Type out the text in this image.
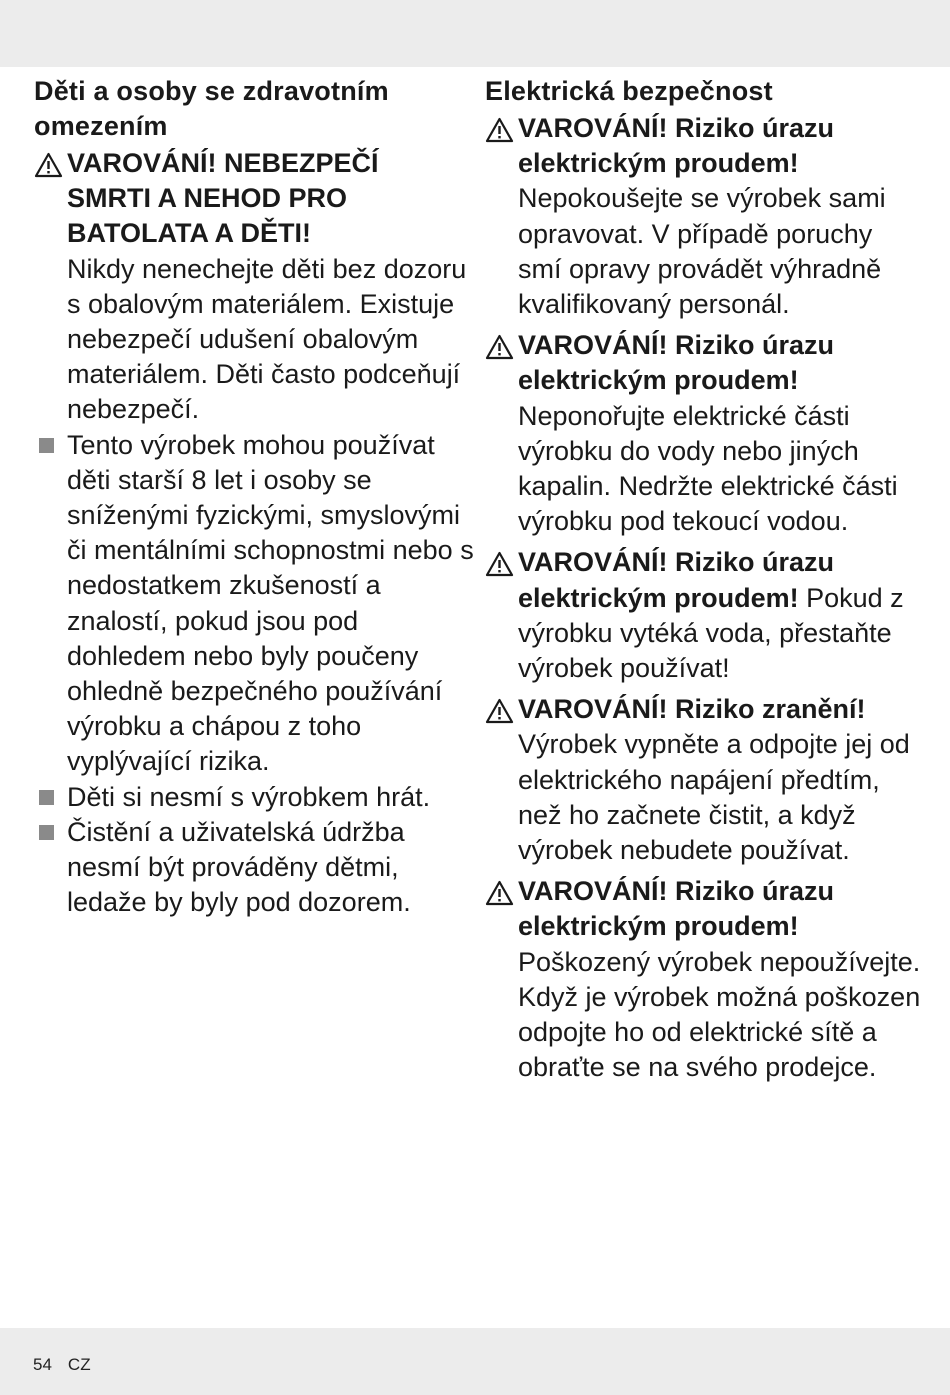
Děti a osoby se zdravotním omezením
VAROVÁNÍ! NEBEZPEČÍ SMRTI A NEHOD PRO BATOLATA A DĚTI!
Nikdy nenechejte děti bez dozoru s obalovým materiálem. Existuje nebezpečí udušení obalovým materiálem. Děti často podceňují nebezpečí.
Tento výrobek mohou používat děti starší 8 let i osoby se sníženými fyzickými, smyslovými či mentálními schopnostmi nebo s nedostatkem zkušeností a znalostí, pokud jsou pod dohledem nebo byly poučeny ohledně bezpečného používání výrobku a chápou z toho vyplývající rizika.
Děti si nesmí s výrobkem hrát.
Čistění a uživatelská údržba nesmí být prováděny dětmi, ledaže by byly pod dozorem.
Elektrická bezpečnost
VAROVÁNÍ! Riziko úrazu elektrickým proudem!
Nepokoušejte se výrobek sami opravovat. V případě poruchy smí opravy provádět výhradně kvalifikovaný personál.
VAROVÁNÍ! Riziko úrazu elektrickým proudem!
Neponořujte elektrické části výrobku do vody nebo jiných kapalin. Nedržte elektrické části výrobku pod tekoucí vodou.
VAROVÁNÍ! Riziko úrazu elektrickým proudem! Pokud z výrobku vytéká voda, přestaňte výrobek používat!
VAROVÁNÍ! Riziko zranění!
Výrobek vypněte a odpojte jej od elektrického napájení předtím, než ho začnete čistit, a když výrobek nebudete používat.
VAROVÁNÍ! Riziko úrazu elektrickým proudem!
Poškozený výrobek nepoužívejte. Když je výrobek možná poškozen odpojte ho od elektrické sítě a obraťte se na svého prodejce.
54 CZ
